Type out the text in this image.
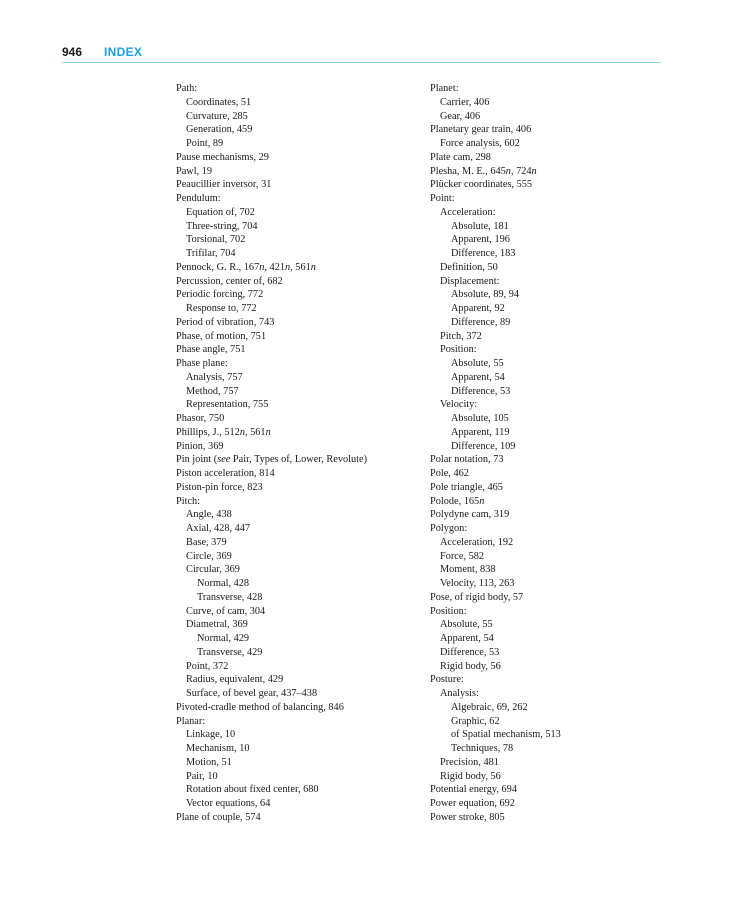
946 INDEX
Path:
Coordinates, 51
Curvature, 285
Generation, 459
Point, 89
Pause mechanisms, 29
Pawl, 19
Peaucillier inversor, 31
Pendulum:
Equation of, 702
Three-string, 704
Torsional, 702
Trifilar, 704
Pennock, G. R., 167n, 421n, 561n
Percussion, center of, 682
Periodic forcing, 772
Response to, 772
Period of vibration, 743
Phase, of motion, 751
Phase angle, 751
Phase plane:
Analysis, 757
Method, 757
Representation, 755
Phasor, 750
Phillips, J., 512n, 561n
Pinion, 369
Pin joint (see Pair, Types of, Lower, Revolute)
Piston acceleration, 814
Piston-pin force, 823
Pitch:
Angle, 438
Axial, 428, 447
Base, 379
Circle, 369
Circular, 369
Normal, 428
Transverse, 428
Curve, of cam, 304
Diametral, 369
Normal, 429
Transverse, 429
Point, 372
Radius, equivalent, 429
Surface, of bevel gear, 437–438
Pivoted-cradle method of balancing, 846
Planar:
Linkage, 10
Mechanism, 10
Motion, 51
Pair, 10
Rotation about fixed center, 680
Vector equations, 64
Plane of couple, 574
Planet:
Carrier, 406
Gear, 406
Planetary gear train, 406
Force analysis, 602
Plate cam, 298
Plesha, M. E., 645n, 724n
Plücker coordinates, 555
Point:
Acceleration:
Absolute, 181
Apparent, 196
Difference, 183
Definition, 50
Displacement:
Absolute, 89, 94
Apparent, 92
Difference, 89
Pitch, 372
Position:
Absolute, 55
Apparent, 54
Difference, 53
Velocity:
Absolute, 105
Apparent, 119
Difference, 109
Polar notation, 73
Pole, 462
Pole triangle, 465
Polode, 165n
Polydyne cam, 319
Polygon:
Acceleration, 192
Force, 582
Moment, 838
Velocity, 113, 263
Pose, of rigid body, 57
Position:
Absolute, 55
Apparent, 54
Difference, 53
Rigid body, 56
Posture:
Analysis:
Algebraic, 69, 262
Graphic, 62
of Spatial mechanism, 513
Techniques, 78
Precision, 481
Rigid body, 56
Potential energy, 694
Power equation, 692
Power stroke, 805
